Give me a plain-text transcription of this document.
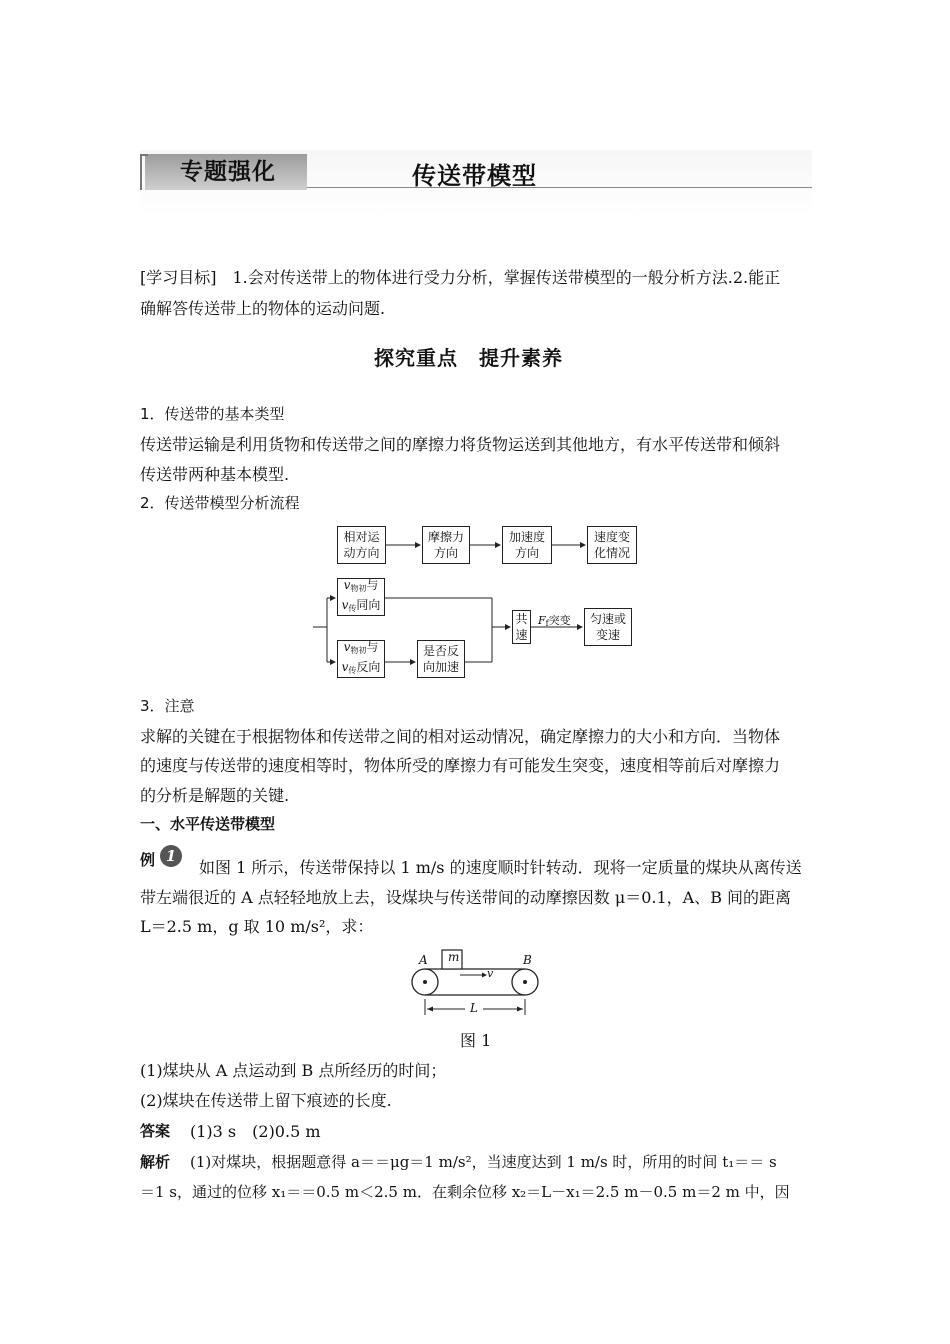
专题强化	传送带模型
[学习目标]　1.会对传送带上的物体进行受力分析，掌握传送带模型的一般分析方法.2.能正
确解答传送带上的物体的运动问题.
探究重点　提升素养
1．传送带的基本类型
传送带运输是利用货物和传送带之间的摩擦力将货物运送到其他地方，有水平传送带和倾斜
传送带两种基本模型.
2．传送带模型分析流程
相对运
动方向
摩擦力
方向
加速度
方向
速度变
化情况
$v_{物初}$与
$v_传$同向
$v_{物初}$与
$v_传$反向
是否反
向加速
共
速
$F_f$突变 匀速或
变速
3．注意
求解的关键在于根据物体和传送带之间的相对运动情况，确定摩擦力的大小和方向．当物体
的速度与传送带的速度相等时，物体所受的摩擦力有可能发生突变，速度相等前后对摩擦力
的分析是解题的关键.
一、水平传送带模型
例 1
如图 1 所示，传送带保持以 1 m/s 的速度顺时针转动．现将一定质量的煤块从离传送
带左端很近的 A 点轻轻地放上去，设煤块与传送带间的动摩擦因数 μ＝0.1，A、B 间的距离
L＝2.5 m，g 取 10 m/s²，求：
A	B
m
v
L
图 1
(1)煤块从 A 点运动到 B 点所经历的时间；
(2)煤块在传送带上留下痕迹的长度.
答案 (1)3 s　(2)0.5 m
解析 (1)对煤块，根据题意得 a＝＝μg＝1 m/s²，当速度达到 1 m/s 时，所用的时间 t₁＝＝ s
＝1 s，通过的位移 x₁＝＝0.5 m＜2.5 m．在剩余位移 x₂＝L－x₁＝2.5 m－0.5 m＝2 m 中，因
